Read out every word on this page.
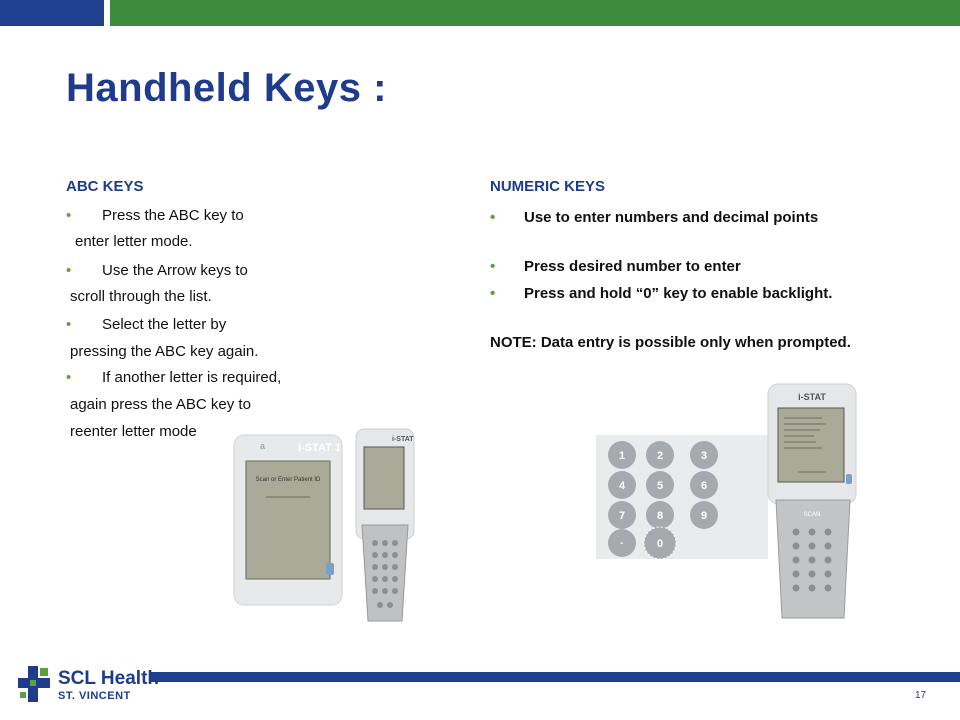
Handheld Keys :
ABC KEYS
• Press the ABC key to
enter letter mode.
• Use the Arrow keys to
scroll through the list.
• Select the letter by
pressing the ABC key again.
• If another letter is required,
again press the ABC key to
reenter letter mode
NUMERIC KEYS
•	Use to enter numbers and decimal points
•	Press desired number to enter
•	Press and hold “0” key to enable backlight.
NOTE: Data entry is possible only when prompted.
a	i-STAT 1
Scan or Enter Patient ID
i-STAT
1	2	3
4	5	6
7	8	9
·	0
i-STAT
SCAN
SCL Health
ST. VINCENT	17
